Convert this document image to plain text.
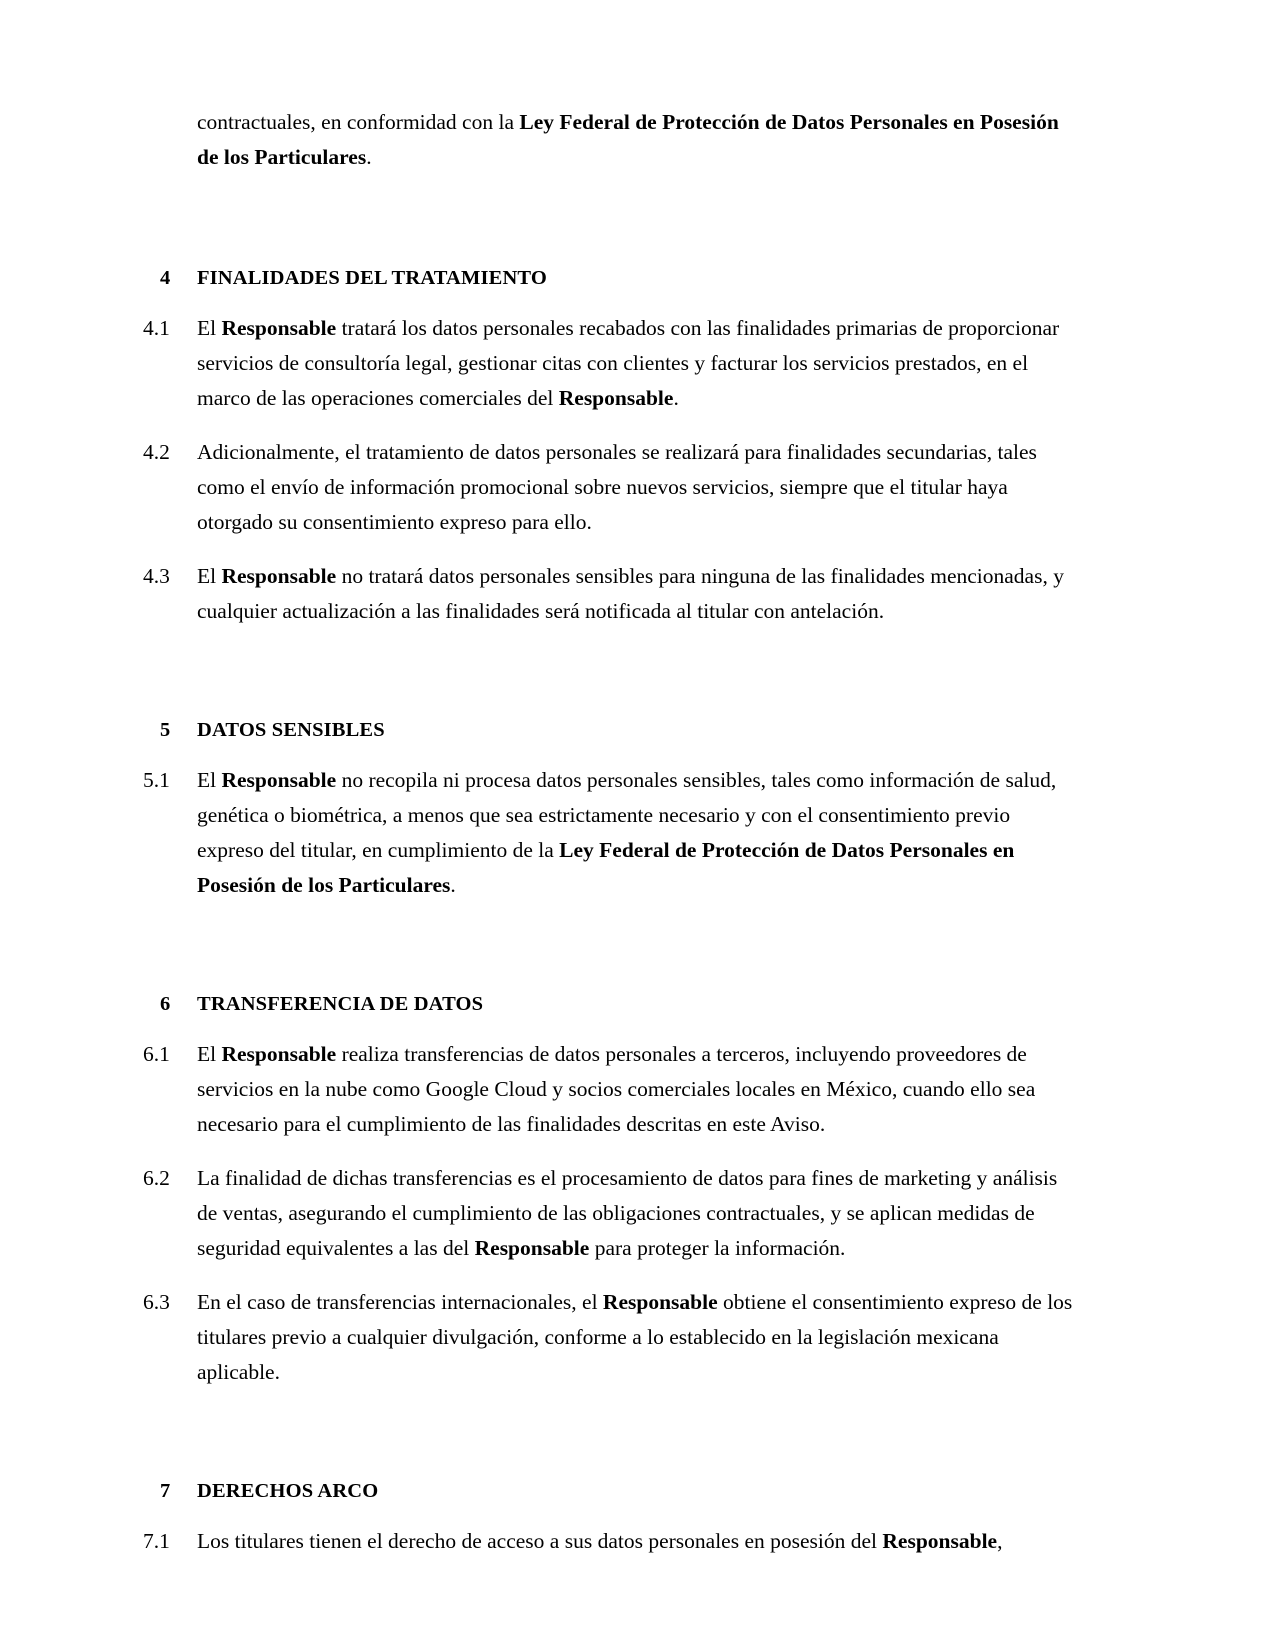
contractuales, en conformidad con la Ley Federal de Protección de Datos Personales en Posesión de los Particulares.

4	FINALIDADES DEL TRATAMIENTO
4.1	El Responsable tratará los datos personales recabados con las finalidades primarias de proporcionar servicios de consultoría legal, gestionar citas con clientes y facturar los servicios prestados, en el marco de las operaciones comerciales del Responsable.
4.2	Adicionalmente, el tratamiento de datos personales se realizará para finalidades secundarias, tales como el envío de información promocional sobre nuevos servicios, siempre que el titular haya otorgado su consentimiento expreso para ello.
4.3	El Responsable no tratará datos personales sensibles para ninguna de las finalidades mencionadas, y cualquier actualización a las finalidades será notificada al titular con antelación.
5	DATOS SENSIBLES
5.1	El Responsable no recopila ni procesa datos personales sensibles, tales como información de salud, genética o biométrica, a menos que sea estrictamente necesario y con el consentimiento previo expreso del titular, en cumplimiento de la Ley Federal de Protección de Datos Personales en Posesión de los Particulares.
6	TRANSFERENCIA DE DATOS
6.1	El Responsable realiza transferencias de datos personales a terceros, incluyendo proveedores de servicios en la nube como Google Cloud y socios comerciales locales en México, cuando ello sea necesario para el cumplimiento de las finalidades descritas en este Aviso.
6.2	La finalidad de dichas transferencias es el procesamiento de datos para fines de marketing y análisis de ventas, asegurando el cumplimiento de las obligaciones contractuales, y se aplican medidas de seguridad equivalentes a las del Responsable para proteger la información.
6.3	En el caso de transferencias internacionales, el Responsable obtiene el consentimiento expreso de los titulares previo a cualquier divulgación, conforme a lo establecido en la legislación mexicana aplicable.
7	DERECHOS ARCO
7.1	Los titulares tienen el derecho de acceso a sus datos personales en posesión del Responsable,
